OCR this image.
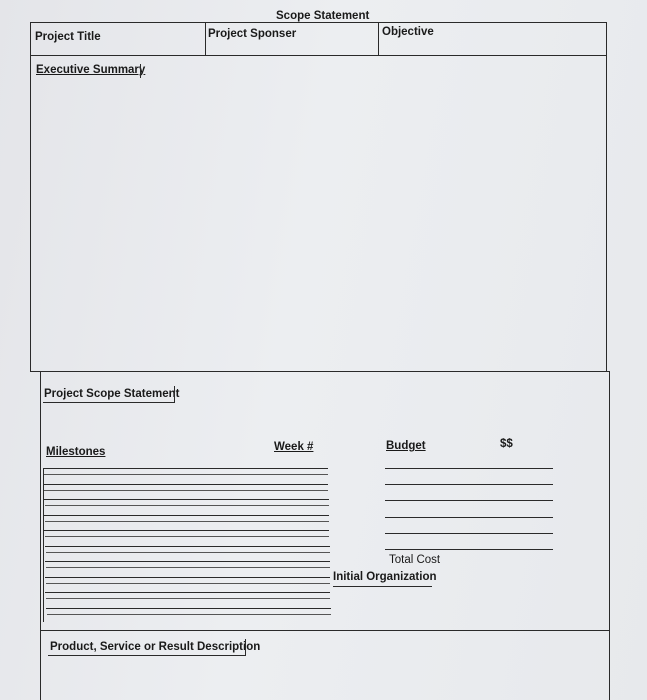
Scope Statement
Project Title	Project Sponser	Objective
Executive Summary
Project Scope Statement
Milestones	Week #	Budget	$$
Total Cost
Initial Organization
Product, Service or Result Description
